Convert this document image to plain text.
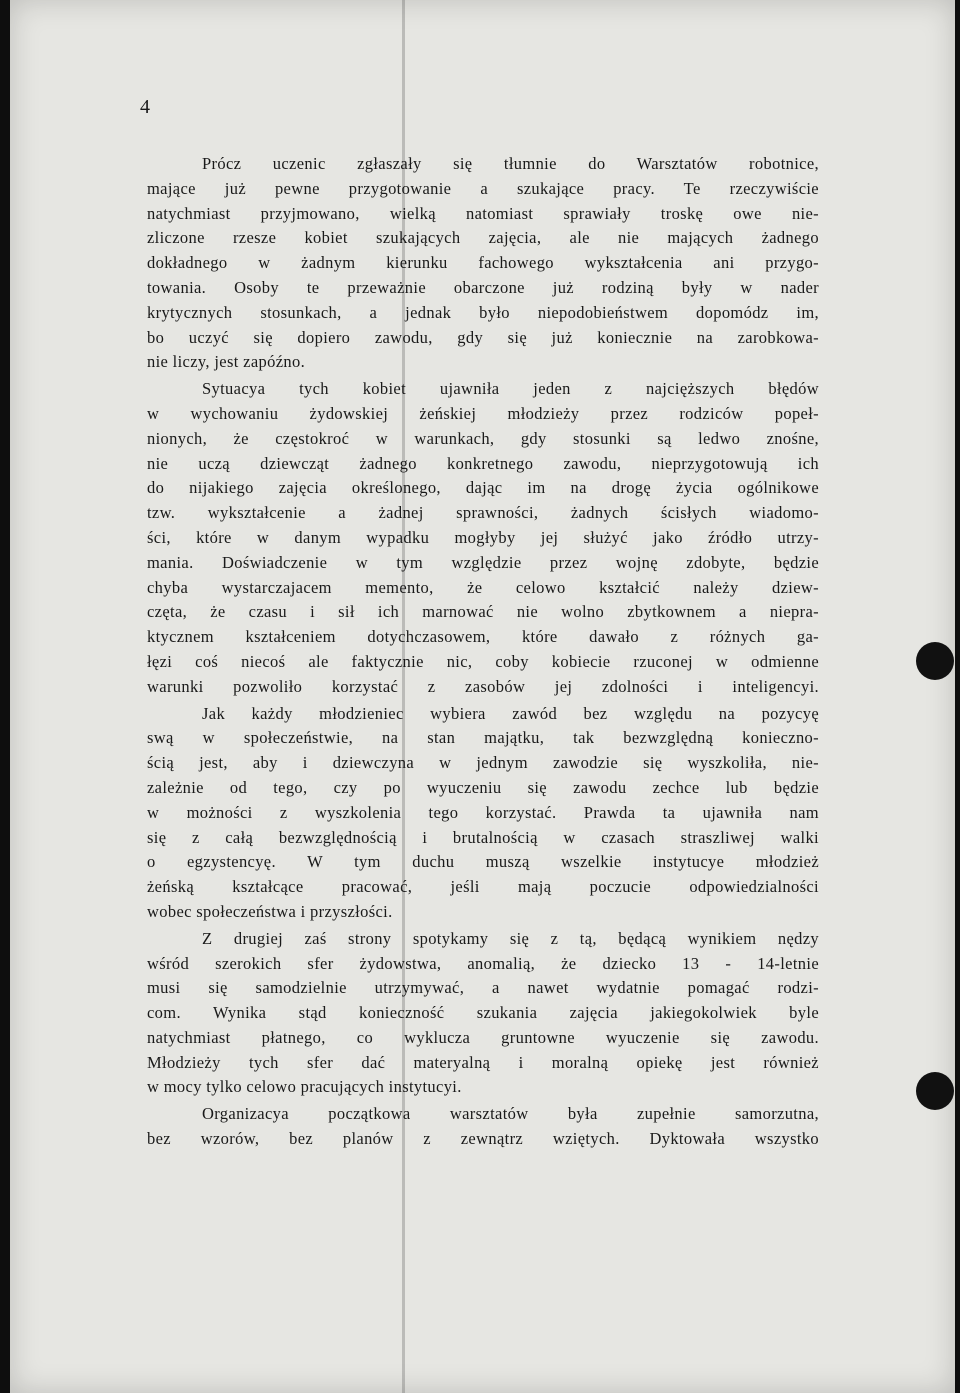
4
Prócz uczenic zgłaszały się tłumnie do Warsztatów robotnice,
mające już pewne przygotowanie a szukające pracy. Te rzeczywiście
natychmiast przyjmowano, wielką natomiast sprawiały troskę owe nie-
zliczone rzesze kobiet szukających zajęcia, ale nie mających żadnego
dokładnego w żadnym kierunku fachowego wykształcenia ani przygo-
towania. Osoby te przeważnie obarczone już rodziną były w nader
krytycznych stosunkach, a jednak było niepodobieństwem dopomódz im,
bo uczyć się dopiero zawodu, gdy się już koniecznie na zarobkowa-
nie liczy, jest zapóźno.
Sytuacya tych kobiet ujawniła jeden z najcięższych błędów
w wychowaniu żydowskiej żeńskiej młodzieży przez rodziców popeł-
nionych, że częstokroć w warunkach, gdy stosunki są ledwo znośne,
nie uczą dziewcząt żadnego konkretnego zawodu, nieprzygotowują ich
do nijakiego zajęcia określonego, dając im na drogę życia ogólnikowe
tzw. wykształcenie a żadnej sprawności, żadnych ścisłych wiadomo-
ści, które w danym wypadku mogłyby jej służyć jako źródło utrzy-
mania. Doświadczenie w tym względzie przez wojnę zdobyte, będzie
chyba wystarczajacem memento, że celowo kształcić należy dziew-
częta, że czasu i sił ich marnować nie wolno zbytkownem a niepra-
ktycznem kształceniem dotychczasowem, które dawało z różnych ga-
łęzi coś niecoś ale faktycznie nic, coby kobiecie rzuconej w odmienne
warunki pozwoliło korzystać z zasobów jej zdolności i inteligencyi.
Jak każdy młodzieniec wybiera zawód bez względu na pozycyę
swą w społeczeństwie, na stan majątku, tak bezwzględną konieczno-
ścią jest, aby i dziewczyna w jednym zawodzie się wyszkoliła, nie-
zależnie od tego, czy po wyuczeniu się zawodu zechce lub będzie
w możności z wyszkolenia tego korzystać. Prawda ta ujawniła nam
się z całą bezwzględnością i brutalnością w czasach straszliwej walki
o egzystencyę. W tym duchu muszą wszelkie instytucye młodzież
żeńską kształcące pracować, jeśli mają poczucie odpowiedzialności
wobec społeczeństwa i przyszłości.
Z drugiej zaś strony spotykamy się z tą, będącą wynikiem nędzy
wśród szerokich sfer żydowstwa, anomalią, że dziecko 13 - 14-letnie
musi się samodzielnie utrzymywać, a nawet wydatnie pomagać rodzi-
com. Wynika stąd konieczność szukania zajęcia jakiegokolwiek byle
natychmiast płatnego, co wyklucza gruntowne wyuczenie się zawodu.
Młodzieży tych sfer dać materyalną i moralną opiekę jest również
w mocy tylko celowo pracujących instytucyi.
Organizacya początkowa warsztatów była zupełnie samorzutna,
bez wzorów, bez planów z zewnątrz wziętych. Dyktowała wszystko
